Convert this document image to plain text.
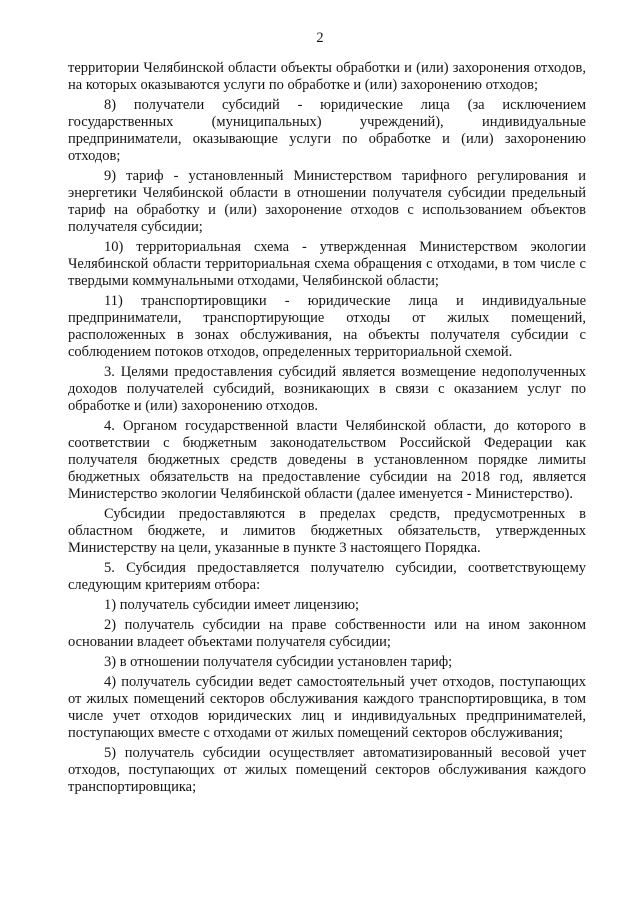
2

территории Челябинской области объекты обработки и (или) захоронения отходов, на которых оказываются услуги по обработке и (или) захоронению отходов;

8) получатели субсидий - юридические лица (за исключением государственных (муниципальных) учреждений), индивидуальные предприниматели, оказывающие услуги по обработке и (или) захоронению отходов;

9) тариф - установленный Министерством тарифного регулирования и энергетики Челябинской области в отношении получателя субсидии предельный тариф на обработку и (или) захоронение отходов с использованием объектов получателя субсидии;

10) территориальная схема - утвержденная Министерством экологии Челябинской области территориальная схема обращения с отходами, в том числе с твердыми коммунальными отходами, Челябинской области;

11) транспортировщики - юридические лица и индивидуальные предприниматели, транспортирующие отходы от жилых помещений, расположенных в зонах обслуживания, на объекты получателя субсидии с соблюдением потоков отходов, определенных территориальной схемой.

3. Целями предоставления субсидий является возмещение недополученных доходов получателей субсидий, возникающих в связи с оказанием услуг по обработке и (или) захоронению отходов.

4. Органом государственной власти Челябинской области, до которого в соответствии с бюджетным законодательством Российской Федерации как получателя бюджетных средств доведены в установленном порядке лимиты бюджетных обязательств на предоставление субсидии на 2018 год, является Министерство экологии Челябинской области (далее именуется - Министерство).

Субсидии предоставляются в пределах средств, предусмотренных в областном бюджете, и лимитов бюджетных обязательств, утвержденных Министерству на цели, указанные в пункте 3 настоящего Порядка.

5. Субсидия предоставляется получателю субсидии, соответствующему следующим критериям отбора:

1) получатель субсидии имеет лицензию;

2) получатель субсидии на праве собственности или на ином законном основании владеет объектами получателя субсидии;

3) в отношении получателя субсидии установлен тариф;

4) получатель субсидии ведет самостоятельный учет отходов, поступающих от жилых помещений секторов обслуживания каждого транспортировщика, в том числе учет отходов юридических лиц и индивидуальных предпринимателей, поступающих вместе с отходами от жилых помещений секторов обслуживания;

5) получатель субсидии осуществляет автоматизированный весовой учет отходов, поступающих от жилых помещений секторов обслуживания каждого транспортировщика;
